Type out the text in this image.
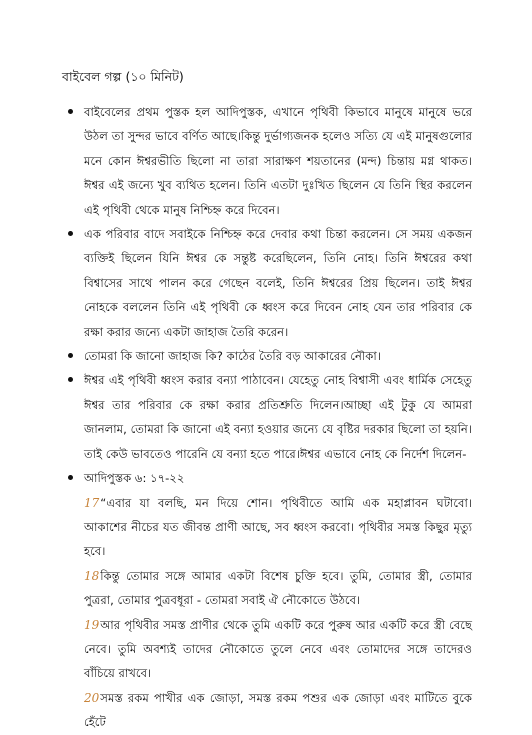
বাইবেল গল্প (১০ মিনিট)

বাইবেলের প্রথম পুস্তক হল আদিপুস্তক, এখানে পৃথিবী কিভাবে মানুষে মানুষে ভরে উঠল তা সুন্দর ভাবে বর্ণিত আছে।কিন্তু দুর্ভাগ্যজনক হলেও সত্যি যে এই মানুষগুলোর মনে কোন ঈশ্বরভীতি ছিলো না তারা সারাক্ষণ শয়তানের (মন্দ) চিন্তায় মগ্ন থাকত। ঈশ্বর এই জন্যে খুব ব্যথিত হলেন। তিনি এতটা দুঃখিত ছিলেন যে তিনি স্থির করলেন এই পৃথিবী থেকে মানুষ নিশ্চিহ্ন করে দিবেন।
এক পরিবার বাদে সবাইকে নিশ্চিহ্ন করে দেবার কথা চিন্তা করলেন। সে সময় একজন ব্যক্তিই ছিলেন যিনি ঈশ্বর কে সন্তুষ্ট করেছিলেন, তিনি নোহ। তিনি ঈশ্বরের কথা বিশ্বাসের সাথে পালন করে গেছেন বলেই, তিনি ঈশ্বরের প্রিয় ছিলেন। তাই ঈশ্বর নোহকে বললেন তিনি এই পৃথিবী কে ধ্বংস করে দিবেন নোহ যেন তার পরিবার কে রক্ষা করার জন্যে একটা জাহাজ তৈরি করেন।
তোমরা কি জানো জাহাজ কি? কাঠের তৈরি বড় আকারের নৌকা।
ঈশ্বর এই পৃথিবী ধ্বংস করার বন্যা পাঠাবেন। যেহেতু নোহ বিশ্বাসী এবং ধার্মিক সেহেতু ঈশ্বর তার পরিবার কে রক্ষা করার প্রতিশ্রুতি দিলেন।আচ্ছা এই টুকু যে আমরা জানলাম, তোমরা কি জানো এই বন্যা হওয়ার জন্যে যে বৃষ্টির দরকার ছিলো তা হয়নি। তাই কেউ ভাবতেও পারেনি যে বন্যা হতে পারে।ঈশ্বর এভাবে নোহ কে নির্দেশ দিলেন-
আদিপুস্তক ৬: ১৭-২২

17“এবার যা বলছি, মন দিয়ে শোন। পৃথিবীতে আমি এক মহাপ্লাবন ঘটাবো। আকাশের নীচের যত জীবন্ত প্রাণী আছে, সব ধ্বংস করবো। পৃথিবীর সমস্ত কিছুর মৃত্যু হবে।

18কিন্তু তোমার সঙ্গে আমার একটা বিশেষ চুক্তি হবে। তুমি, তোমার স্ত্রী, তোমার পুত্ররা, তোমার পুত্রবধূরা - তোমরা সবাই ঐ নৌকোতে উঠবে।

19আর পৃথিবীর সমস্ত প্রাণীর থেকে তুমি একটি করে পুরুষ আর একটি করে স্ত্রী বেছে নেবে। তুমি অবশ্যই তাদের নৌকোতে তুলে নেবে এবং তোমাদের সঙ্গে তাদেরও বাঁচিয়ে রাখবে।

20সমস্ত রকম পাখীর এক জোড়া, সমস্ত রকম পশুর এক জোড়া এবং মাটিতে বুকে হেঁটে
